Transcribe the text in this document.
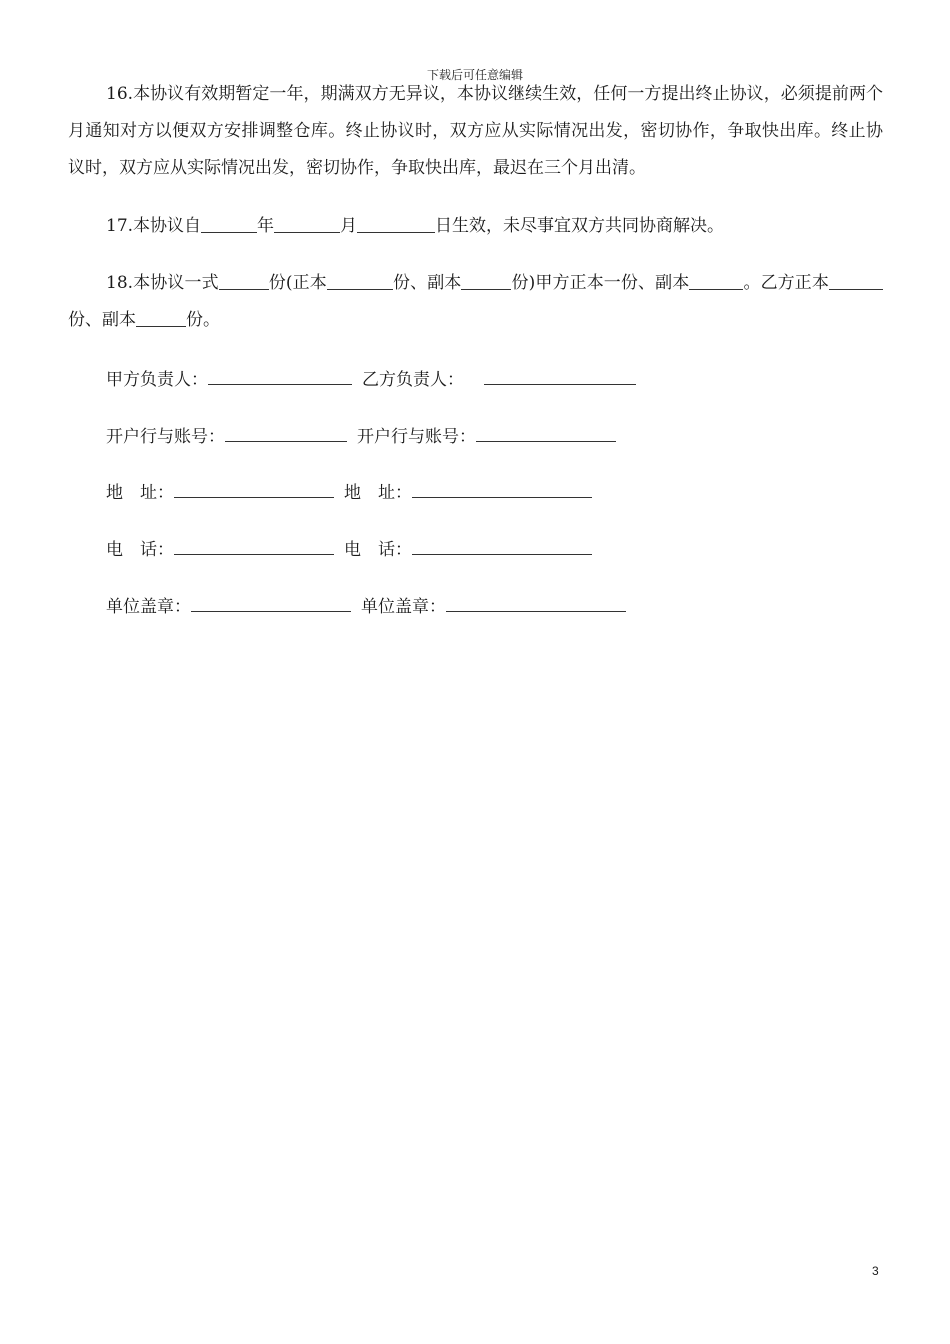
下载后可任意编辑

16.本协议有效期暂定一年，期满双方无异议，本协议继续生效，任何一方提出终止协议，必须提前两个月通知对方以便双方安排调整仓库。终止协议时，双方应从实际情况出发，密切协作，争取快出库。终止协议时，双方应从实际情况出发，密切协作，争取快出库，最迟在三个月出清。

17.本协议自	年	月	日生效，未尽事宜双方共同协商解决。

18.本协议一式	份(正本	份、副本	份)甲方正本一份、副本	。乙方正本份、副本	份。

甲方负责人：	乙方负责人：
开户行与账号：	开户行与账号：
地　址：	地　址：
电　话：	电　话：
单位盖章：	单位盖章：
3
